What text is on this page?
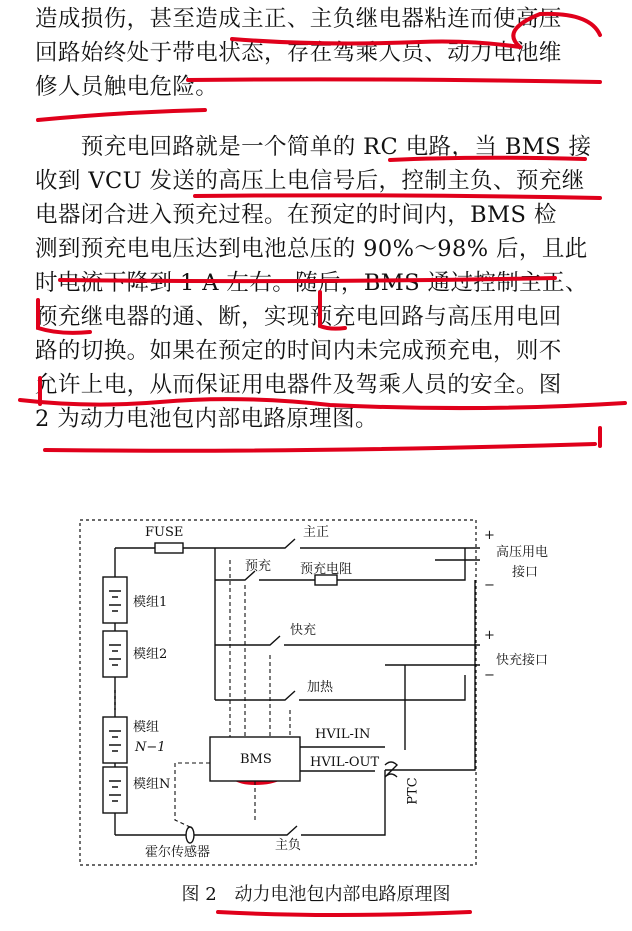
造成损伤，甚至造成主正、主负继电器粘连而使高压
回路始终处于带电状态，存在驾乘人员、动力电池维
修人员触电危险。
　　预充电回路就是一个简单的 RC 电路，当 BMS 接
收到 VCU 发送的高压上电信号后，控制主负、预充继
电器闭合进入预充过程。在预定的时间内，BMS 检
测到预充电电压达到电池总压的 90%～98% 后，且此
时电流下降到 1 A 左右。随后，BMS 通过控制主正、
预充继电器的通、断，实现预充电回路与高压用电回
路的切换。如果在预定的时间内未完成预充电，则不
允许上电，从而保证用电器件及驾乘人员的安全。图
2 为动力电池包内部电路原理图。
FUSE	主正
预充 预充电阻
快充
加热
HVIL-IN
HVIL-OUT
BMS
PTC
主负
霍尔传感器
模组1
模组2
模组
N−1
模组N
+
高压用电
接口
−
+
快充接口
−
图 2 动力电池包内部电路原理图
